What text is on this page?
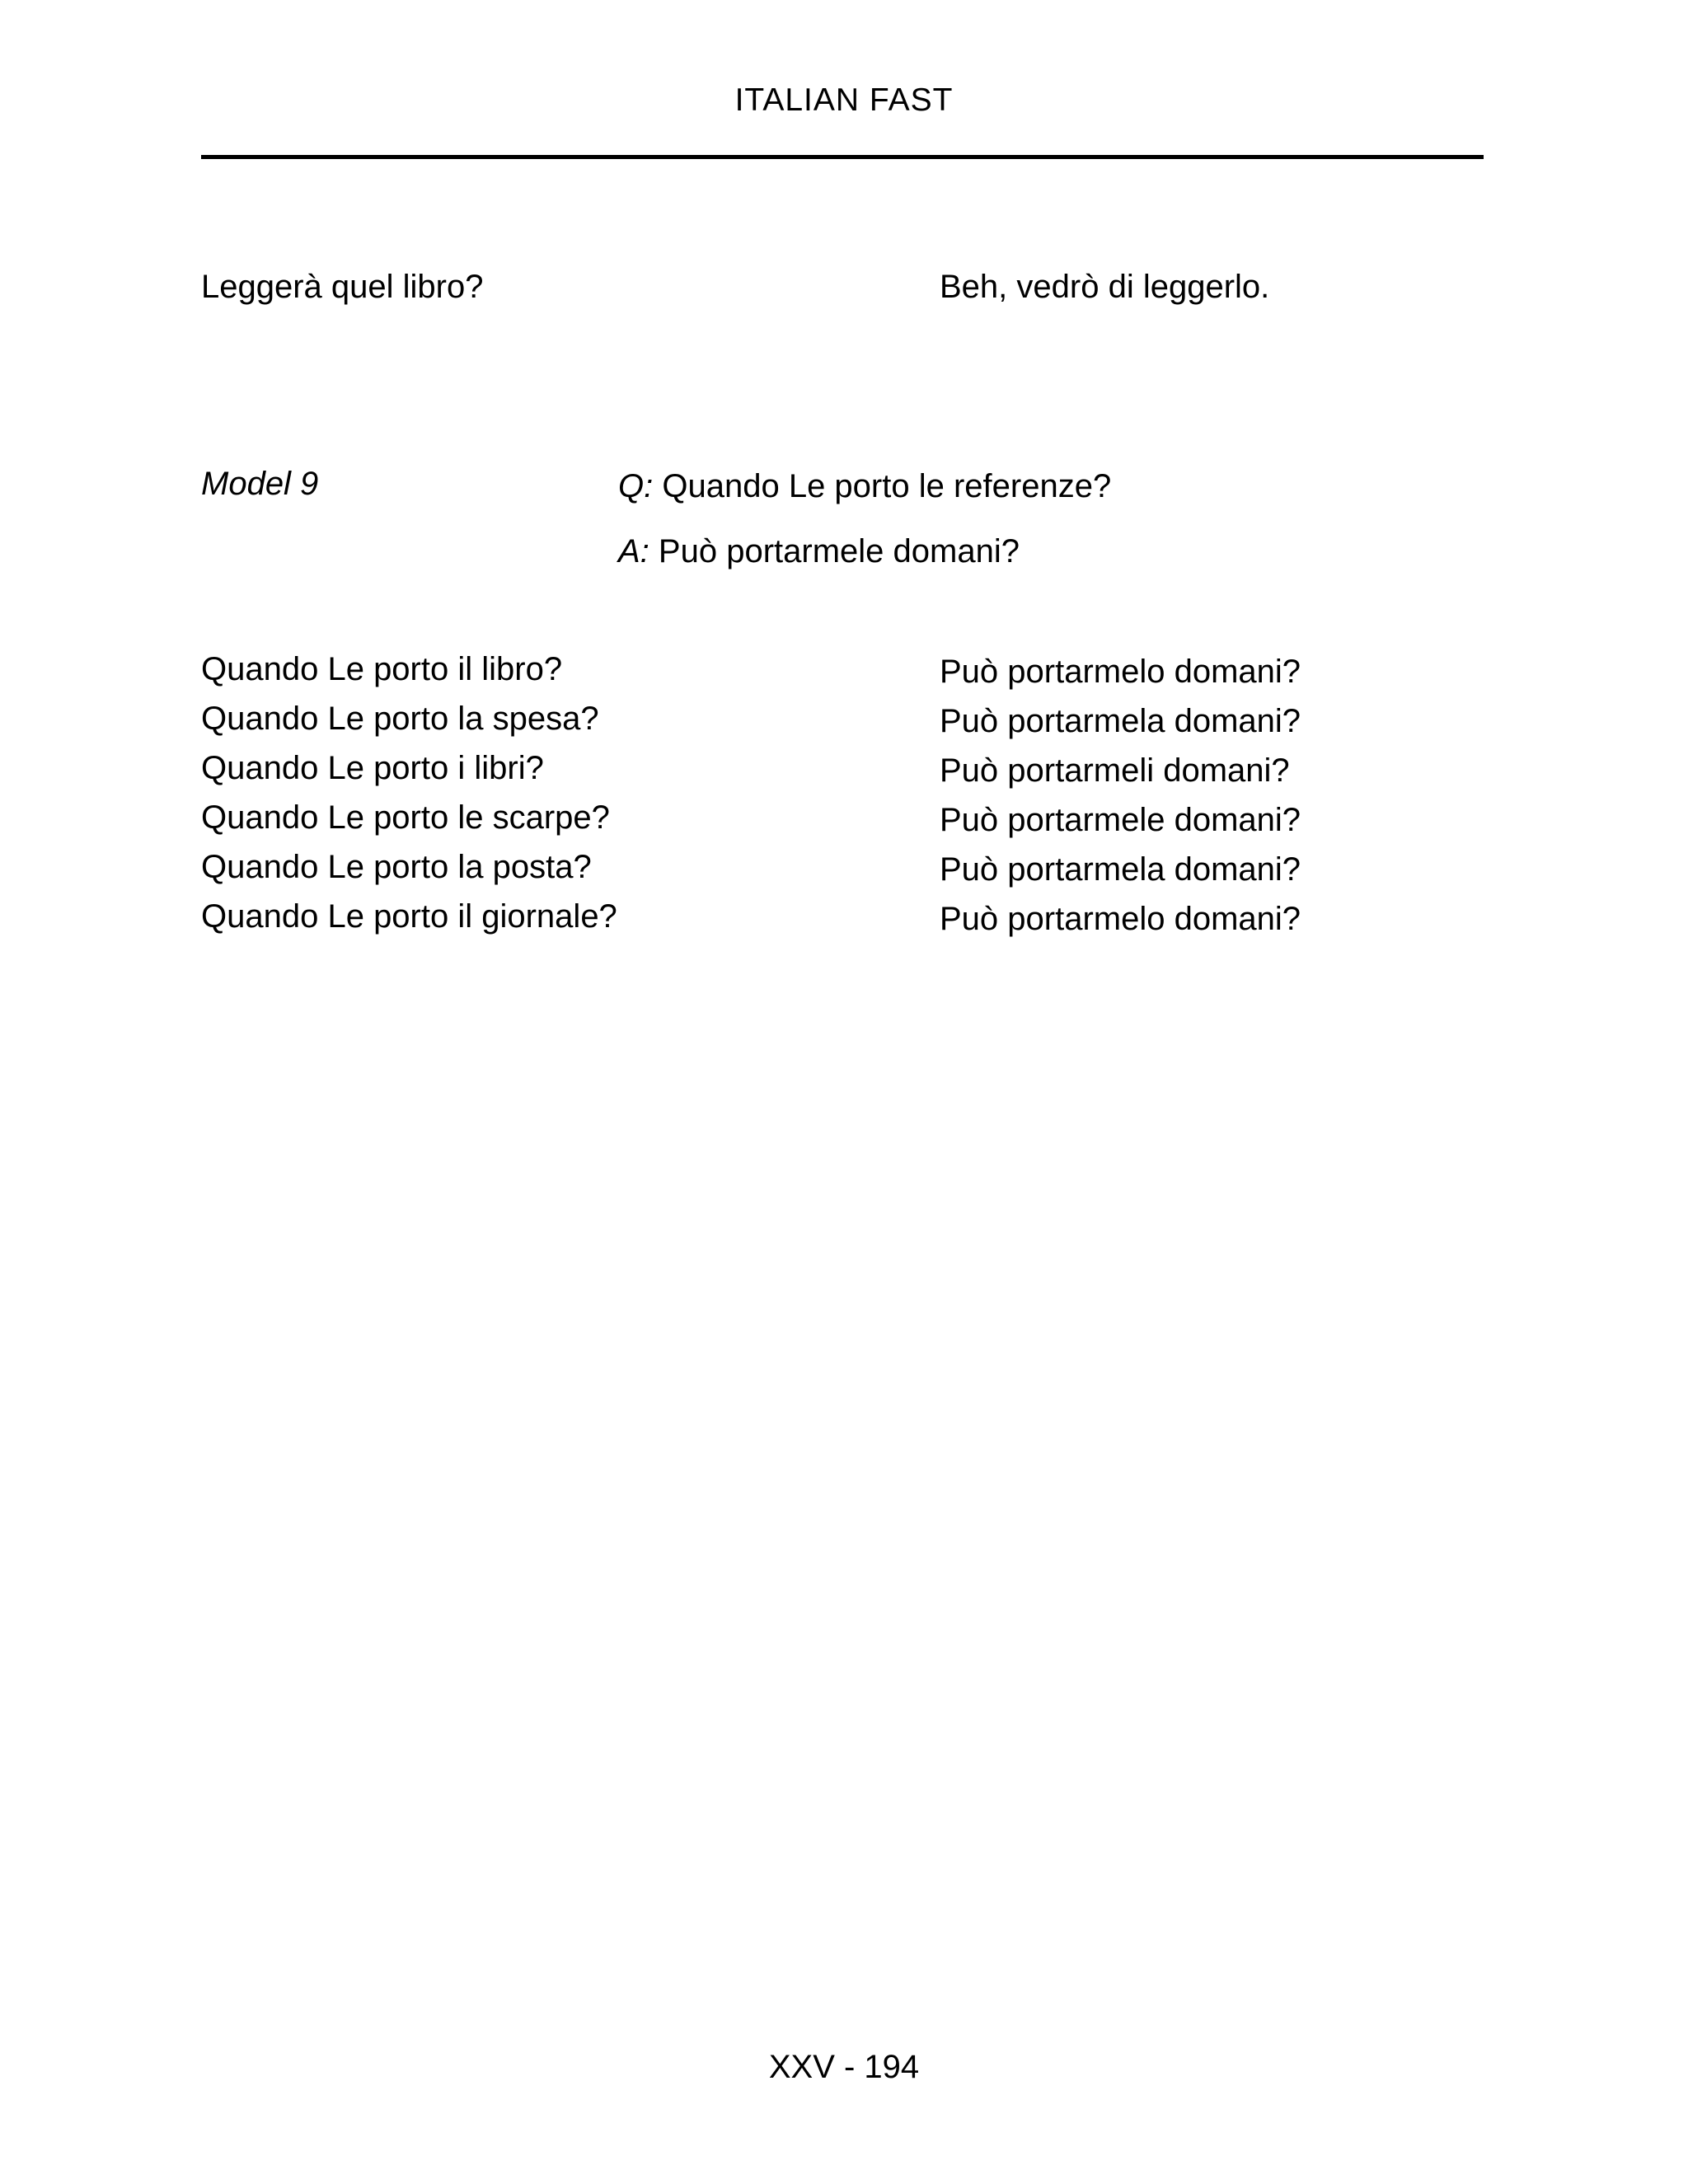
ITALIAN FAST
Leggerà quel libro?	Beh, vedrò di leggerlo.
Model 9	Q: Quando Le porto le referenze?
A: Può portarmele domani?
Quando Le porto il libro?	Può portarmelo domani?
Quando Le porto la spesa?	Può portarmela domani?
Quando Le porto i libri?	Può portarmeli domani?
Quando Le porto le scarpe?	Può portarmele domani?
Quando Le porto la posta?	Può portarmela domani?
Quando Le porto il giornale?	Può portarmelo domani?
XXV - 194
